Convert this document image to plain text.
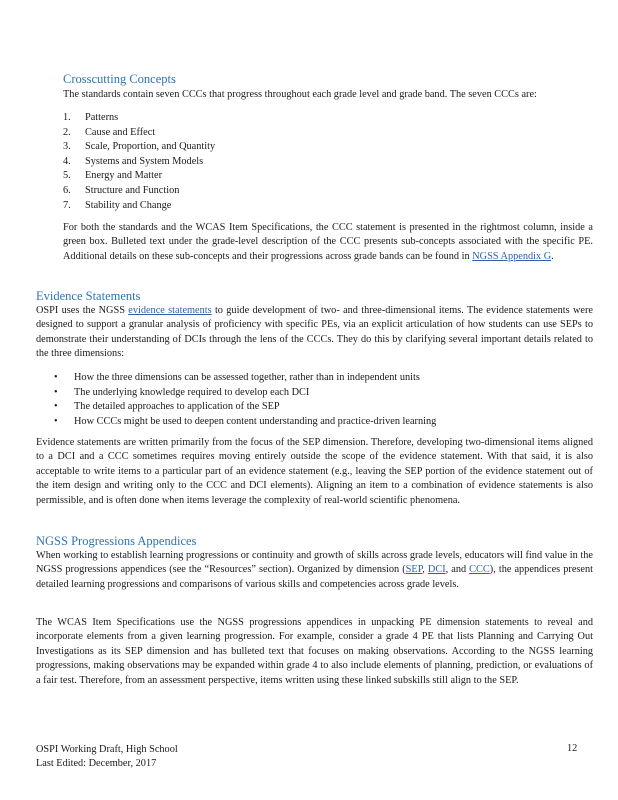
Crosscutting Concepts
The standards contain seven CCCs that progress throughout each grade level and grade band. The seven CCCs are:
1.	Patterns
2.	Cause and Effect
3.	Scale, Proportion, and Quantity
4.	Systems and System Models
5.	Energy and Matter
6.	Structure and Function
7.	Stability and Change
For both the standards and the WCAS Item Specifications, the CCC statement is presented in the rightmost column, inside a green box. Bulleted text under the grade-level description of the CCC presents sub-concepts associated with the specific PE. Additional details on these sub-concepts and their progressions across grade bands can be found in NGSS Appendix G.
Evidence Statements
OSPI uses the NGSS evidence statements to guide development of two- and three-dimensional items. The evidence statements were designed to support a granular analysis of proficiency with specific PEs, via an explicit articulation of how students can use SEPs to demonstrate their understanding of DCIs through the lens of the CCCs. They do this by clarifying several important details related to the three dimensions:
•	How the three dimensions can be assessed together, rather than in independent units
•	The underlying knowledge required to develop each DCI
•	The detailed approaches to application of the SEP
•	How CCCs might be used to deepen content understanding and practice-driven learning
Evidence statements are written primarily from the focus of the SEP dimension. Therefore, developing two-dimensional items aligned to a DCI and a CCC sometimes requires moving entirely outside the scope of the evidence statement. With that said, it is also acceptable to write items to a particular part of an evidence statement (e.g., leaving the SEP portion of the evidence statement out of the item design and writing only to the CCC and DCI elements). Aligning an item to a combination of evidence statements is also permissible, and is often done when items leverage the complexity of real-world scientific phenomena.
NGSS Progressions Appendices
When working to establish learning progressions or continuity and growth of skills across grade levels, educators will find value in the NGSS progressions appendices (see the “Resources” section). Organized by dimension (SEP, DCI, and CCC), the appendices present detailed learning progressions and comparisons of various skills and competencies across grade levels.
The WCAS Item Specifications use the NGSS progressions appendices in unpacking PE dimension statements to reveal and incorporate elements from a given learning progression. For example, consider a grade 4 PE that lists Planning and Carrying Out Investigations as its SEP dimension and has bulleted text that focuses on making observations. According to the NGSS learning progressions, making observations may be expanded within grade 4 to also include elements of planning, prediction, or evaluations of a fair test. Therefore, from an assessment perspective, items written using these linked subskills still align to the SEP.
OSPI Working Draft, High School
Last Edited: December, 2017
12
